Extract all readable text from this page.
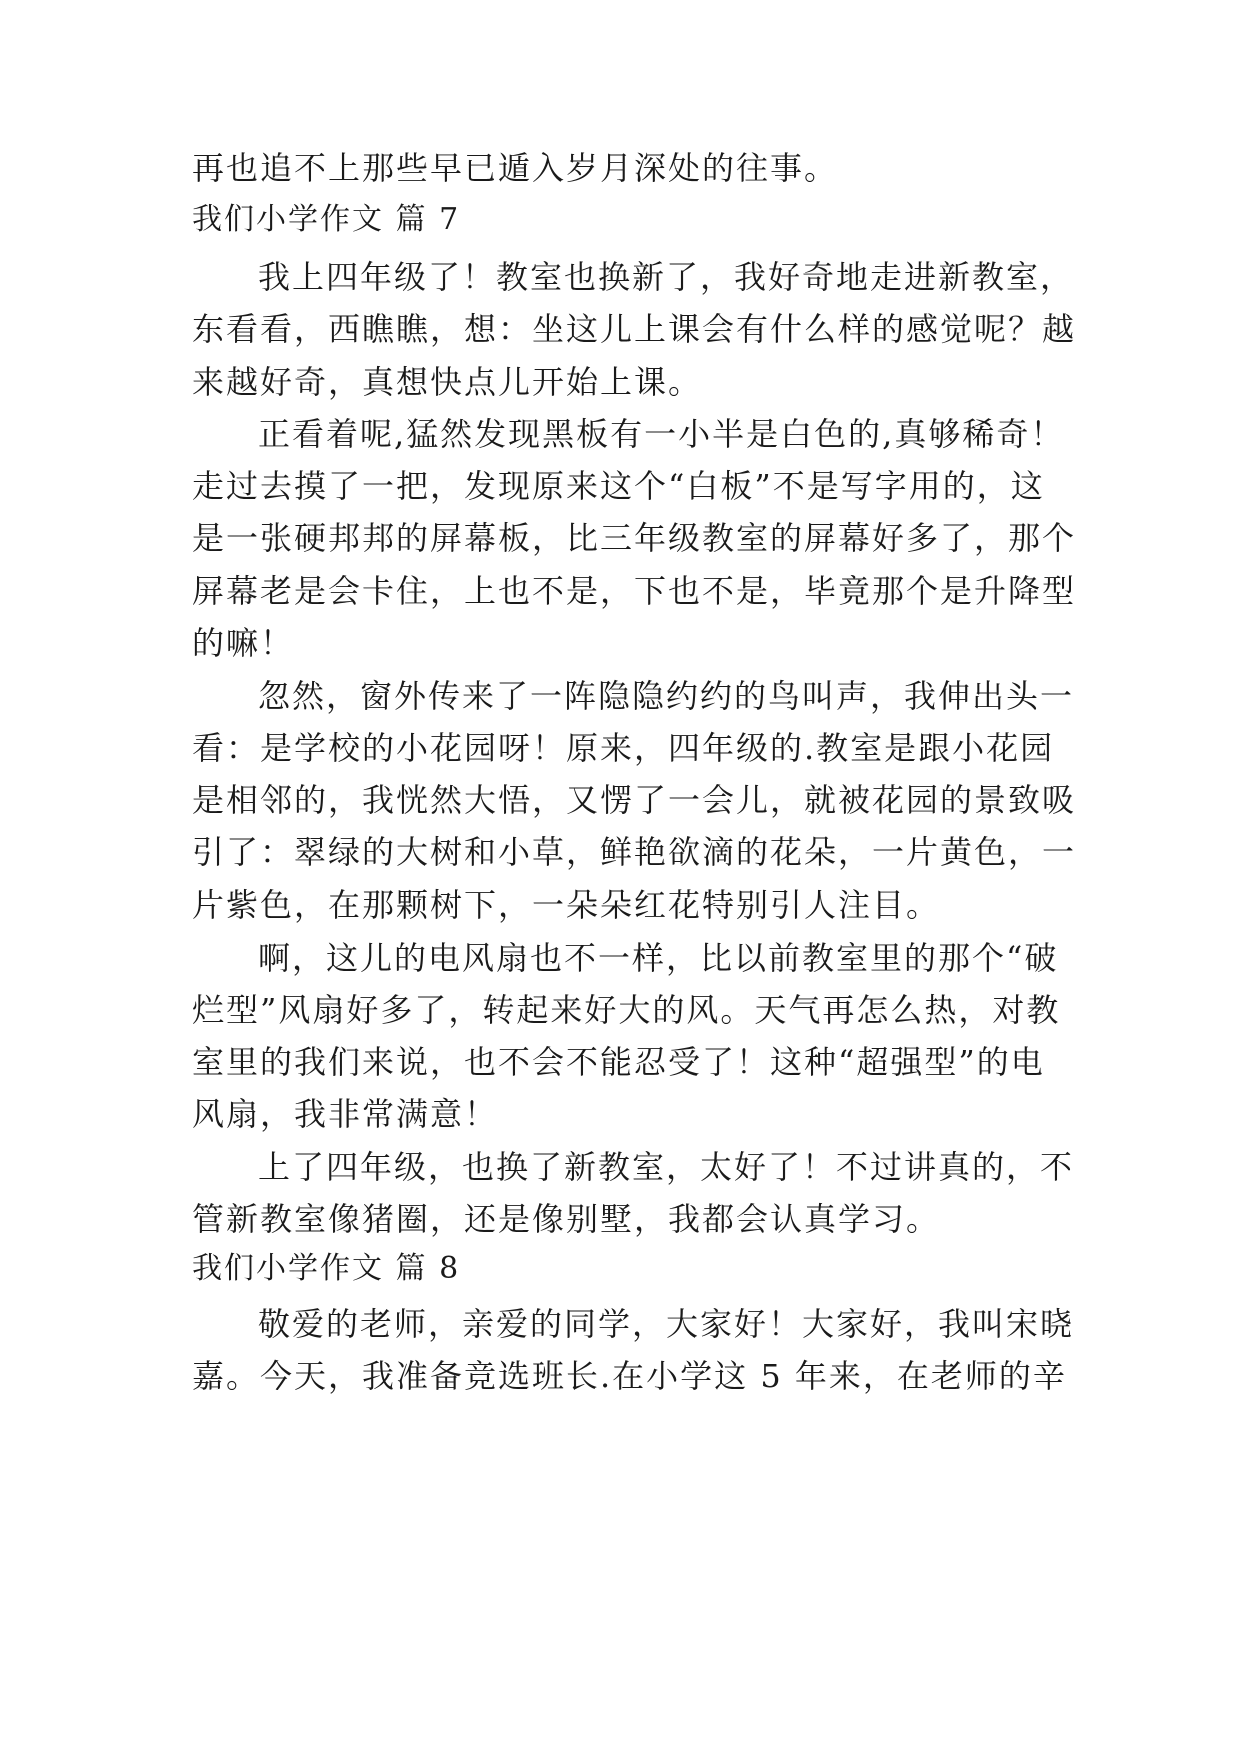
再也追不上那些早已遁入岁月深处的往事。
我们小学作文 篇 7
我上四年级了！教室也换新了，我好奇地走进新教室，
东看看，西瞧瞧，想：坐这儿上课会有什么样的感觉呢？越
来越好奇，真想快点儿开始上课。
正看着呢,猛然发现黑板有一小半是白色的,真够稀奇！
走过去摸了一把，发现原来这个“白板”不是写字用的，这
是一张硬邦邦的屏幕板，比三年级教室的屏幕好多了，那个
屏幕老是会卡住，上也不是，下也不是，毕竟那个是升降型
的嘛！
忽然，窗外传来了一阵隐隐约约的鸟叫声，我伸出头一
看：是学校的小花园呀！原来，四年级的.教室是跟小花园
是相邻的，我恍然大悟，又愣了一会儿，就被花园的景致吸
引了：翠绿的大树和小草，鲜艳欲滴的花朵，一片黄色，一
片紫色，在那颗树下，一朵朵红花特别引人注目。
啊，这儿的电风扇也不一样，比以前教室里的那个“破
烂型”风扇好多了，转起来好大的风。天气再怎么热，对教
室里的我们来说，也不会不能忍受了！这种“超强型”的电
风扇，我非常满意！
上了四年级，也换了新教室，太好了！不过讲真的，不
管新教室像猪圈，还是像别墅，我都会认真学习。
我们小学作文 篇 8
敬爱的老师，亲爱的同学，大家好！大家好，我叫宋晓
嘉。今天，我准备竞选班长.在小学这 5 年来，在老师的辛
